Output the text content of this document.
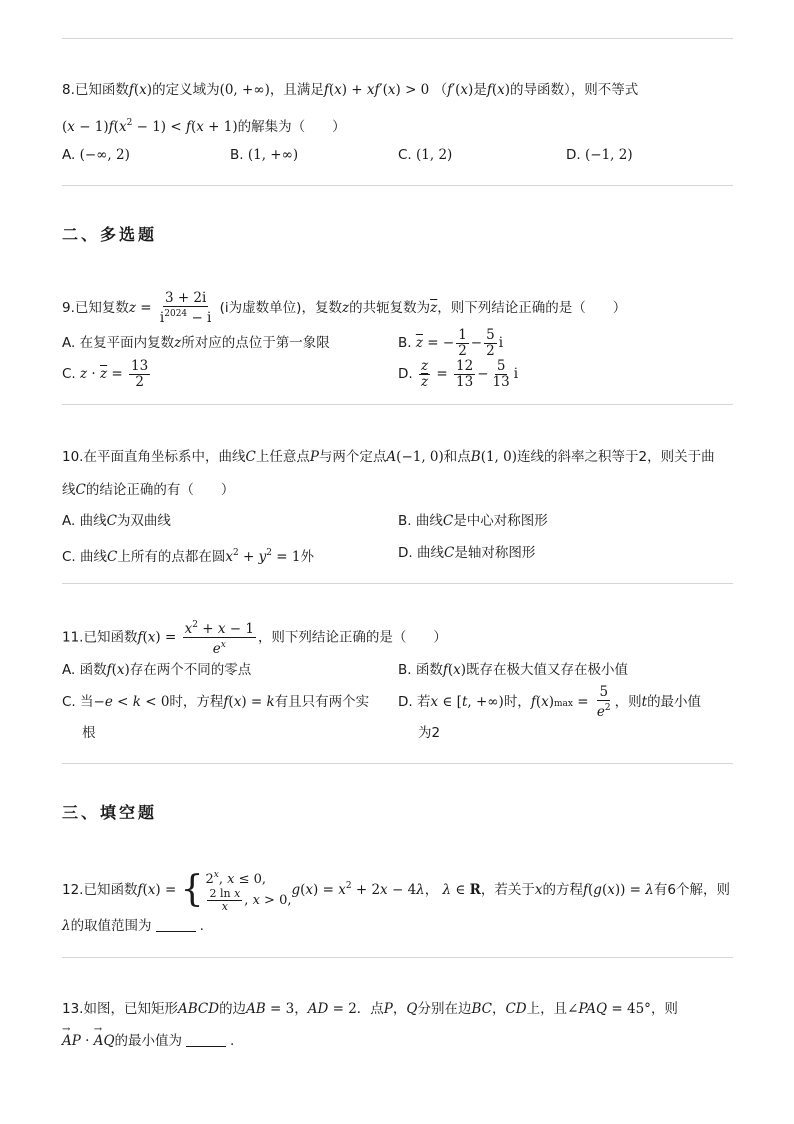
8.已知函数f(x)的定义域为(0, +∞)，且满足f(x) + xf′(x) > 0 （f′(x)是f(x)的导函数），则不等式
$(x - 1)f(x^2 - 1) < f(x + 1)$的解集为（　　）
A. (−∞, 2)	B. (1, +∞)	C. (1, 2)	D. (−1, 2)
二、多选题
9.已知复数$z = \frac{3 + 2i}{i^{2024} - i} (i$为虚数单位)，复数z的共轭复数为$\overline{z}$，则下列结论正确的是（　　）
A. 在复平面内复数z所对应的点位于第一象限	B. $\overline{z}$ = − $\frac{1}{2} - \frac{5}{2}$ i
C. $z \cdot \overline{z} = \frac{13}{2}$	D. $\frac{z}{z} = \frac{12}{13} - \frac{5}{13}$ i
10.在平面直角坐标系中，曲线C上任意点P与两个定点A(−1, 0)和点B(1, 0)连线的斜率之积等于2，则关于曲
线C的结论正确的有（　　）
A. 曲线C为双曲线	B. 曲线C是中心对称图形
C. 曲线C上所有的点都在圆$x^2 + y^2 = 1$外	D. 曲线C是轴对称图形
11.已知函数$f(x) = \frac{x^2 + x - 1}{e^x}$ ，则下列结论正确的是（　　）
A. 函数f(x)存在两个不同的零点	B. 函数f(x)既存在极大值又存在极小值
C. 当−e < k < 0时，方程f(x) = k有且只有两个实
根
D. 若x ∈ [t, +∞)时，$f(x)\max = \frac{5}{e^2}$ ，则t的最小值
为2
三、填空题
12.已知函数f(x) = { 2$^x$, x ≤ 0,
$\frac{\text{2 ln x}}{x}$ , x > 0,
$g(x) = x^2 + 2x - 4\lambda$， λ ∈ R，若关于x的方程f(g(x)) = λ有6个解，则
λ的取值范围为	.
13.如图，已知矩形ABCD的边AB = 3，AD = 2．点P，Q分别在边BC，CD上，且∠PAQ = 45°，则
→ AP · → AQ的最小值为	.
